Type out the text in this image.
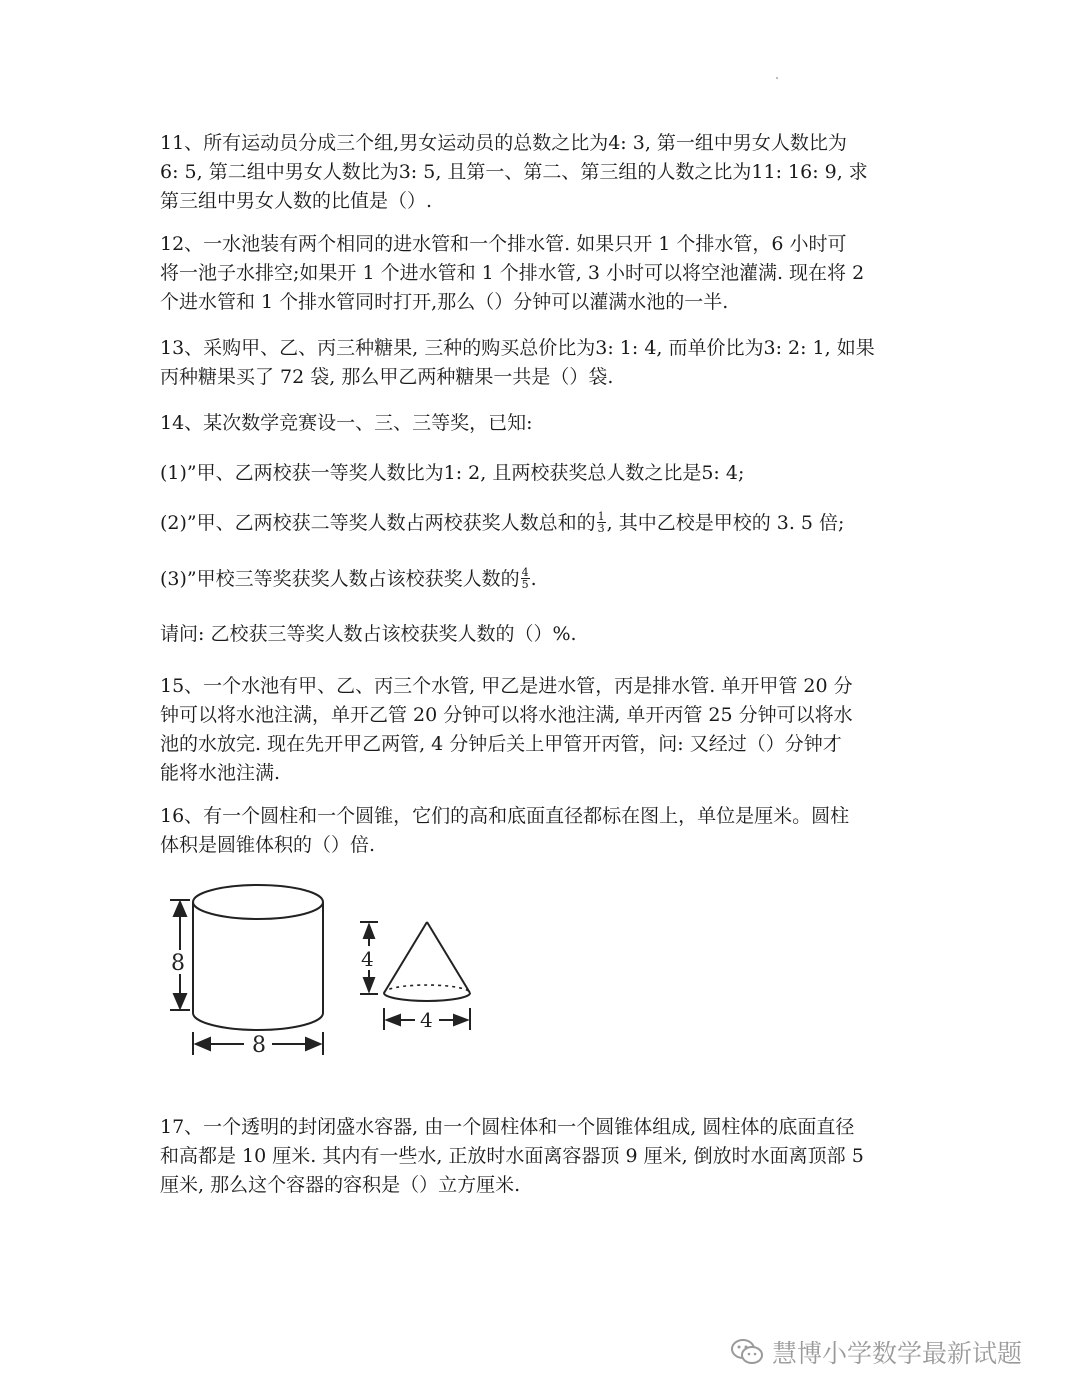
11、所有运动员分成三个组,男女运动员的总数之比为4: 3, 第一组中男女人数比为
6: 5, 第二组中男女人数比为3: 5, 且第一、第二、第三组的人数之比为11: 16: 9, 求
第三组中男女人数的比值是（）.

12、一水池装有两个相同的进水管和一个排水管. 如果只开 1 个排水管，6 小时可
将一池子水排空;如果开 1 个进水管和 1 个排水管, 3 小时可以将空池灌满. 现在将 2
个进水管和 1 个排水管同时打开,那么（）分钟可以灌满水池的一半.

13、采购甲、乙、丙三种糖果, 三种的购买总价比为3: 1: 4, 而单价比为3: 2: 1, 如果
丙种糖果买了 72 袋, 那么甲乙两种糖果一共是（）袋.

14、某次数学竞赛设一、三、三等奖，已知:

(1)”甲、乙两校获一等奖人数比为1: 2, 且两校获奖总人数之比是5: 4;

(2)”甲、乙两校获二等奖人数占两校获奖人数总和的 $\frac{1}{3}$ , 其中乙校是甲校的 3. 5 倍;

(3)”甲校三等奖获奖人数占该校获奖人数的 $\frac{4}{5}$ .

请问: 乙校获三等奖人数占该校获奖人数的（）%.

15、一个水池有甲、乙、丙三个水管, 甲乙是进水管，丙是排水管. 单开甲管 20 分
钟可以将水池注满，单开乙管 20 分钟可以将水池注满, 单开丙管 25 分钟可以将水
池的水放完. 现在先开甲乙两管, 4 分钟后关上甲管开丙管，问: 又经过（）分钟才
能将水池注满.

16、有一个圆柱和一个圆锥，它们的高和底面直径都标在图上，单位是厘米。圆柱
体积是圆锥体积的（）倍.

8
8
4
4

17、一个透明的封闭盛水容器, 由一个圆柱体和一个圆锥体组成, 圆柱体的底面直径
和高都是 10 厘米. 其内有一些水, 正放时水面离容器顶 9 厘米, 倒放时水面离顶部 5
厘米, 那么这个容器的容积是（）立方厘米.

慧博小学数学最新试题
